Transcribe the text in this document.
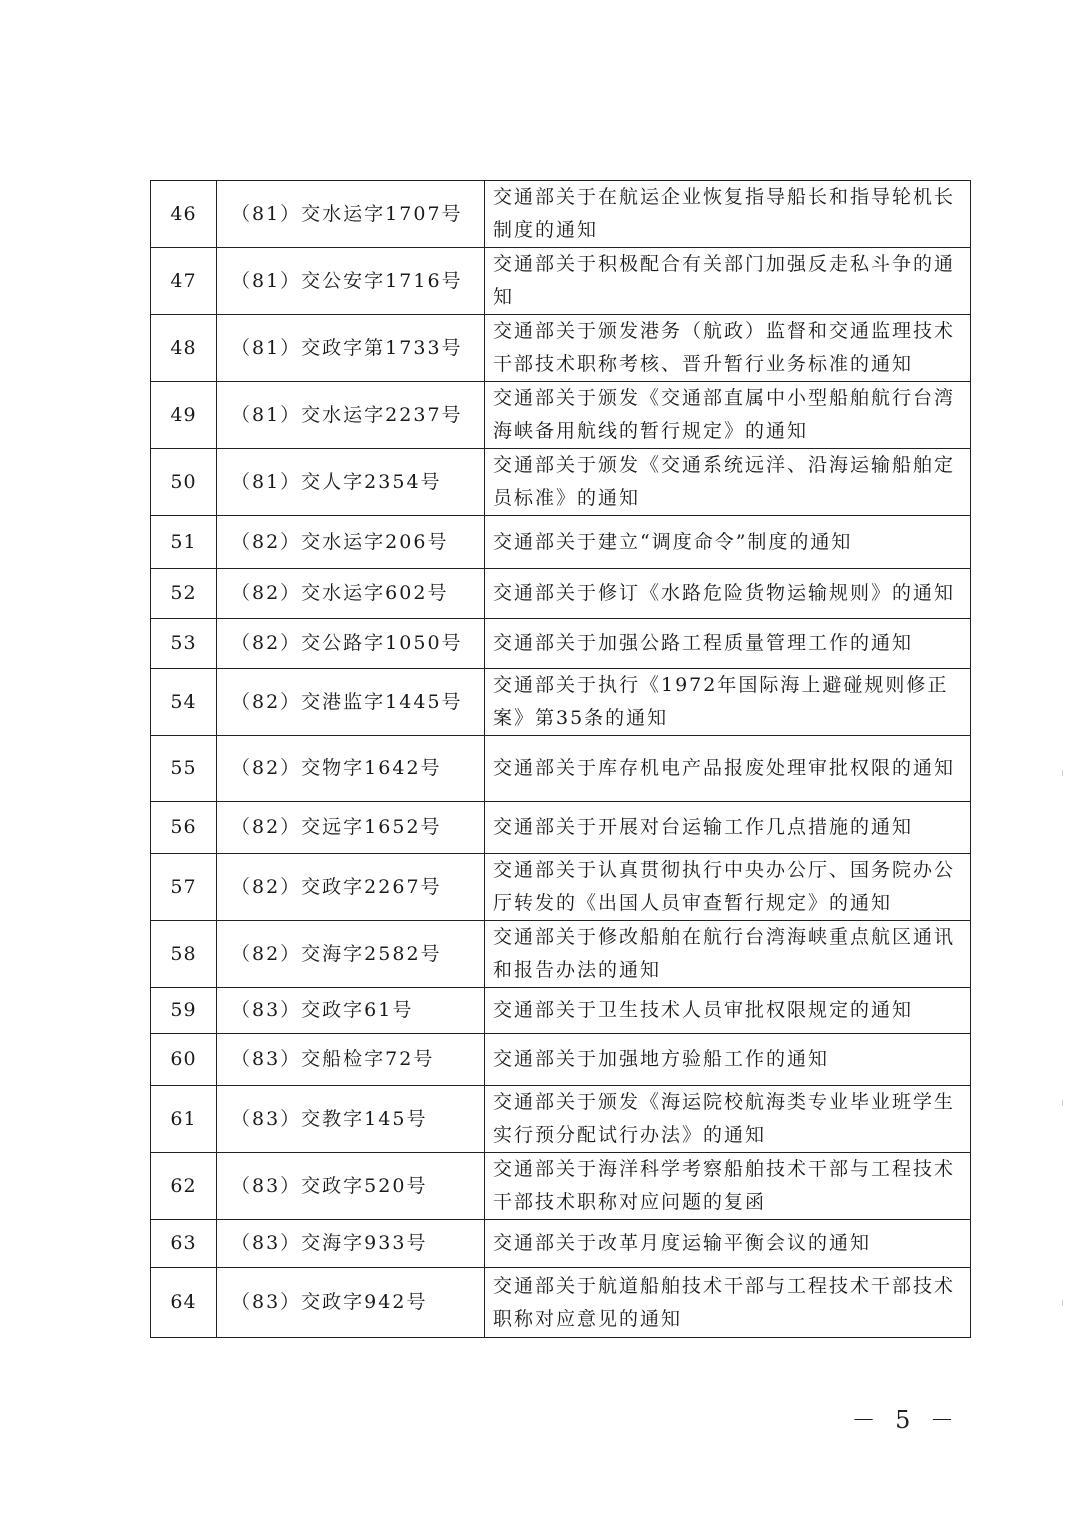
46	（81）交水运字1707号	交通部关于在航运企业恢复指导船长和指导轮机长制度的通知
47	（81）交公安字1716号	交通部关于积极配合有关部门加强反走私斗争的通知
48	（81）交政字第1733号	交通部关于颁发港务（航政）监督和交通监理技术干部技术职称考核、晋升暂行业务标准的通知
49	（81）交水运字2237号	交通部关于颁发《交通部直属中小型船舶航行台湾海峡备用航线的暂行规定》的通知
50	（81）交人字2354号	交通部关于颁发《交通系统远洋、沿海运输船舶定员标准》的通知
51	（82）交水运字206号	交通部关于建立“调度命令”制度的通知
52	（82）交水运字602号	交通部关于修订《水路危险货物运输规则》的通知
53	（82）交公路字1050号	交通部关于加强公路工程质量管理工作的通知
54	（82）交港监字1445号	交通部关于执行《1972年国际海上避碰规则修正案》第35条的通知
55	（82）交物字1642号	交通部关于库存机电产品报废处理审批权限的通知
56	（82）交远字1652号	交通部关于开展对台运输工作几点措施的通知
57	（82）交政字2267号	交通部关于认真贯彻执行中央办公厅、国务院办公厅转发的《出国人员审查暂行规定》的通知
58	（82）交海字2582号	交通部关于修改船舶在航行台湾海峡重点航区通讯和报告办法的通知
59	（83）交政字61号	交通部关于卫生技术人员审批权限规定的通知
60	（83）交船检字72号	交通部关于加强地方验船工作的通知
61	（83）交教字145号	交通部关于颁发《海运院校航海类专业毕业班学生实行预分配试行办法》的通知
62	（83）交政字520号	交通部关于海洋科学考察船舶技术干部与工程技术干部技术职称对应问题的复函
63	（83）交海字933号	交通部关于改革月度运输平衡会议的通知
64	（83）交政字942号	交通部关于航道船舶技术干部与工程技术干部技术职称对应意见的通知
－ 5 －
